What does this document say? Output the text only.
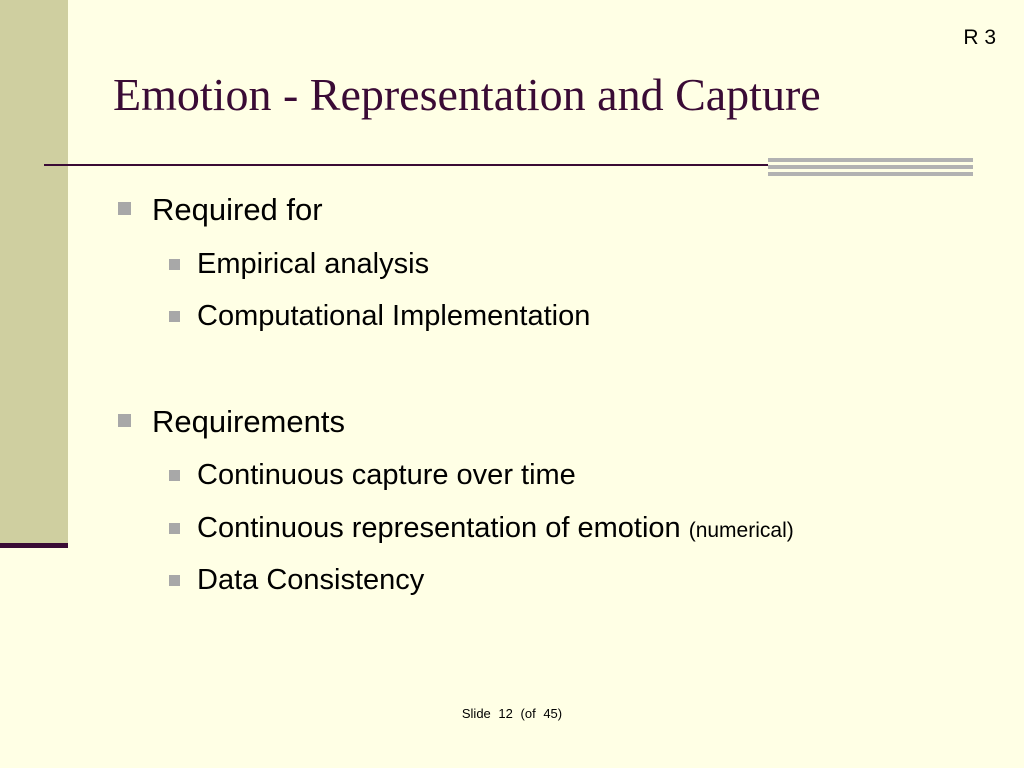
R 3
Emotion - Representation and Capture
Required for
Empirical analysis
Computational Implementation
Requirements
Continuous capture over time
Continuous representation of emotion (numerical)
Data Consistency
Slide 12 (of 45)
